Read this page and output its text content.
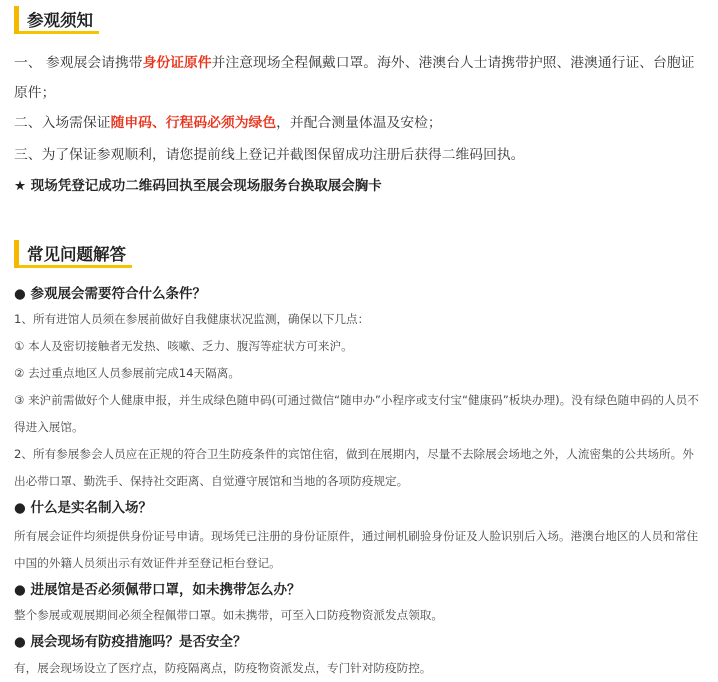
参观须知

一、 参观展会请携带身份证原件并注意现场全程佩戴口罩。海外、港澳台人士请携带护照、港澳通行证、台胞证原件；

二、入场需保证随申码、行程码必须为绿色，并配合测量体温及安检；

三、为了保证参观顺利，请您提前线上登记并截图保留成功注册后获得二维码回执。

★ 现场凭登记成功二维码回执至展会现场服务台换取展会胸卡

常见问题解答

● 参观展会需要符合什么条件？

1、所有进馆人员须在参展前做好自我健康状况监测，确保以下几点：

① 本人及密切接触者无发热、咳嗽、乏力、腹泻等症状方可来沪。

② 去过重点地区人员参展前完成14天隔离。

③ 来沪前需做好个人健康申报，并生成绿色随申码(可通过微信“随申办”小程序或支付宝“健康码”板块办理)。没有绿色随申码的人员不得进入展馆。

2、所有参展参会人员应在正规的符合卫生防疫条件的宾馆住宿，做到在展期内，尽量不去除展会场地之外，人流密集的公共场所。外出必带口罩、勤洗手、保持社交距离、自觉遵守展馆和当地的各项防疫规定。

● 什么是实名制入场？

所有展会证件均须提供身份证号申请。现场凭已注册的身份证原件，通过闸机刷验身份证及人脸识别后入场。港澳台地区的人员和常住中国的外籍人员须出示有效证件并至登记柜台登记。

● 进展馆是否必须佩带口罩，如未携带怎么办？

整个参展或观展期间必须全程佩带口罩。如未携带，可至入口防疫物资派发点领取。

● 展会现场有防疫措施吗？是否安全？

有，展会现场设立了医疗点，防疫隔离点，防疫物资派发点，专门针对防疫防控。
